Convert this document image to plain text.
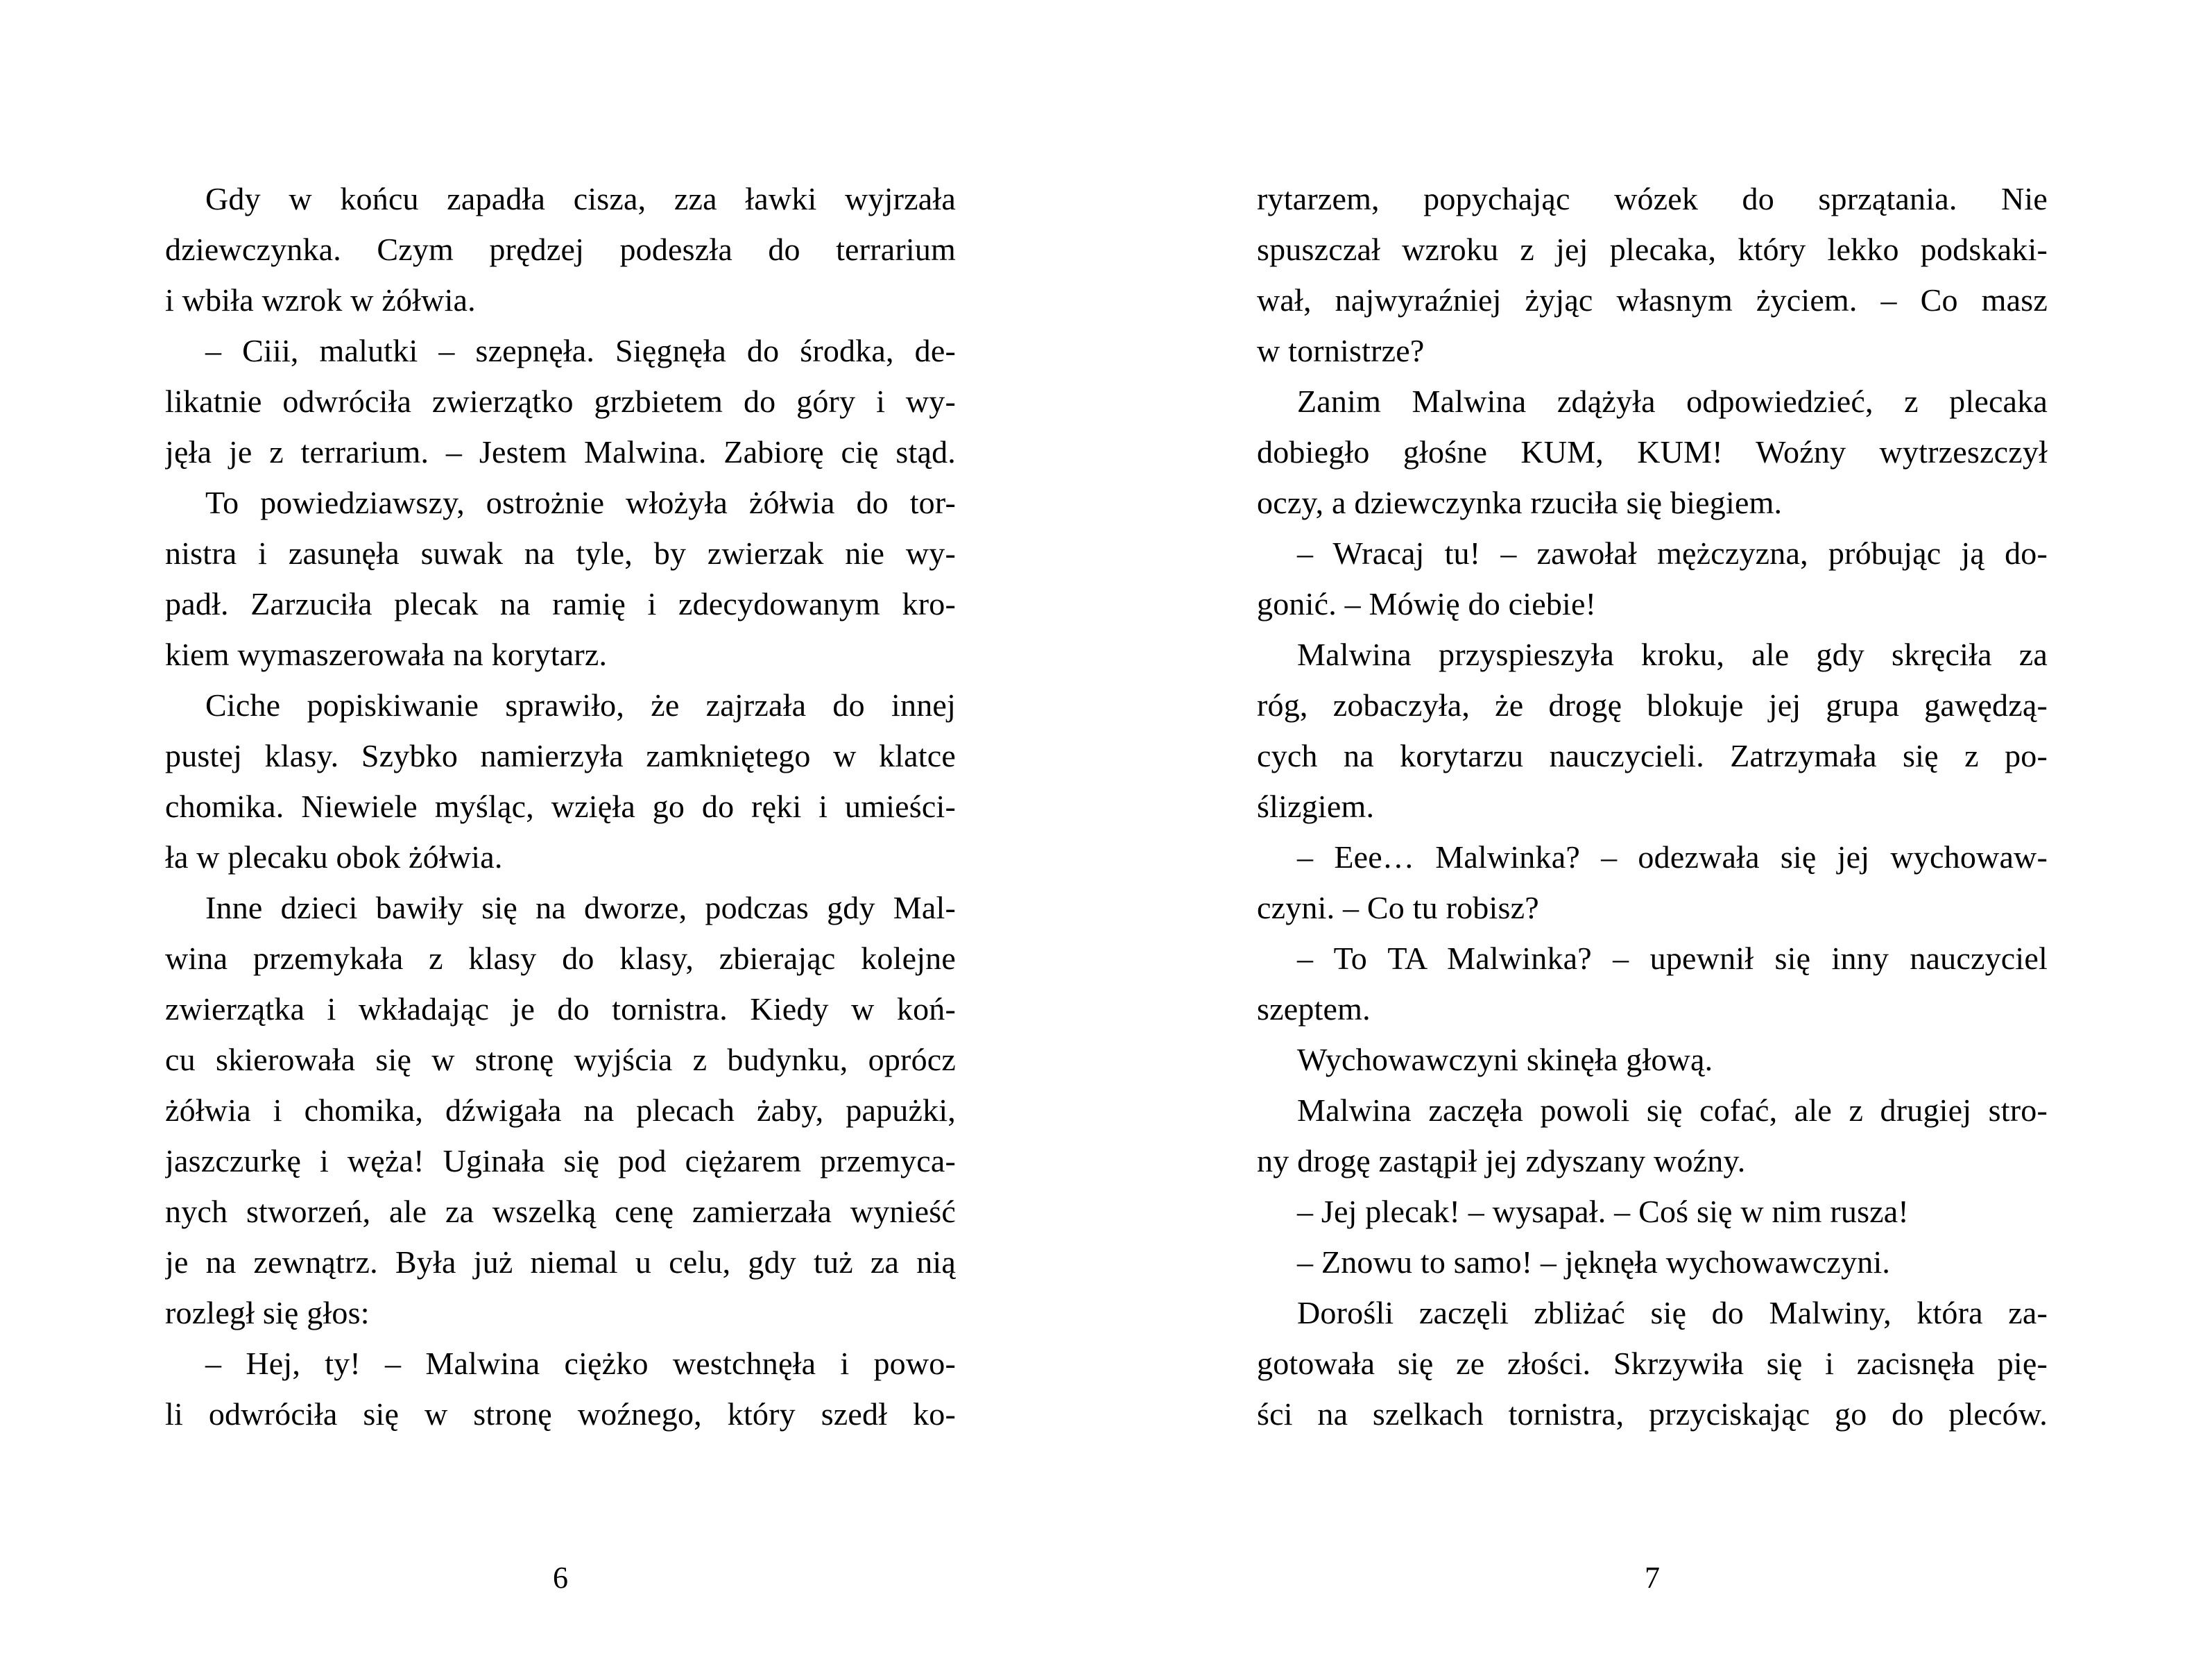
Gdy w końcu zapadła cisza, zza ławki wyjrzała
dziewczynka. Czym prędzej podeszła do terrarium
i wbiła wzrok w żółwia.
– Ciii, malutki – szepnęła. Sięgnęła do środka, de-
likatnie odwróciła zwierzątko grzbietem do góry i wy-
jęła je z terrarium. – Jestem Malwina. Zabiorę cię stąd.
To powiedziawszy, ostrożnie włożyła żółwia do tor-
nistra i zasunęła suwak na tyle, by zwierzak nie wy-
padł. Zarzuciła plecak na ramię i zdecydowanym kro-
kiem wymaszerowała na korytarz.
Ciche popiskiwanie sprawiło, że zajrzała do innej
pustej klasy. Szybko namierzyła zamkniętego w klatce
chomika. Niewiele myśląc, wzięła go do ręki i umieści-
ła w plecaku obok żółwia.
Inne dzieci bawiły się na dworze, podczas gdy Mal-
wina przemykała z klasy do klasy, zbierając kolejne
zwierzątka i wkładając je do tornistra. Kiedy w koń-
cu skierowała się w stronę wyjścia z budynku, oprócz
żółwia i chomika, dźwigała na plecach żaby, papużki,
jaszczurkę i węża! Uginała się pod ciężarem przemyca-
nych stworzeń, ale za wszelką cenę zamierzała wynieść
je na zewnątrz. Była już niemal u celu, gdy tuż za nią
rozległ się głos:
– Hej, ty! – Malwina ciężko westchnęła i powo-
li odwróciła się w stronę woźnego, który szedł ko-
rytarzem, popychając wózek do sprzątania. Nie
spuszczał wzroku z jej plecaka, który lekko podskaki-
wał, najwyraźniej żyjąc własnym życiem. – Co masz
w tornistrze?
Zanim Malwina zdążyła odpowiedzieć, z plecaka
dobiegło głośne KUM, KUM! Woźny wytrzeszczył
oczy, a dziewczynka rzuciła się biegiem.
– Wracaj tu! – zawołał mężczyzna, próbując ją do-
gonić. – Mówię do ciebie!
Malwina przyspieszyła kroku, ale gdy skręciła za
róg, zobaczyła, że drogę blokuje jej grupa gawędzą-
cych na korytarzu nauczycieli. Zatrzymała się z po-
ślizgiem.
– Eee… Malwinka? – odezwała się jej wychowaw-
czyni. – Co tu robisz?
– To TA Malwinka? – upewnił się inny nauczyciel
szeptem.
Wychowawczyni skinęła głową.
Malwina zaczęła powoli się cofać, ale z drugiej stro-
ny drogę zastąpił jej zdyszany woźny.
– Jej plecak! – wysapał. – Coś się w nim rusza!
– Znowu to samo! – jęknęła wychowawczyni.
Dorośli zaczęli zbliżać się do Malwiny, która za-
gotowała się ze złości. Skrzywiła się i zacisnęła pię-
ści na szelkach tornistra, przyciskając go do pleców.
6	7
